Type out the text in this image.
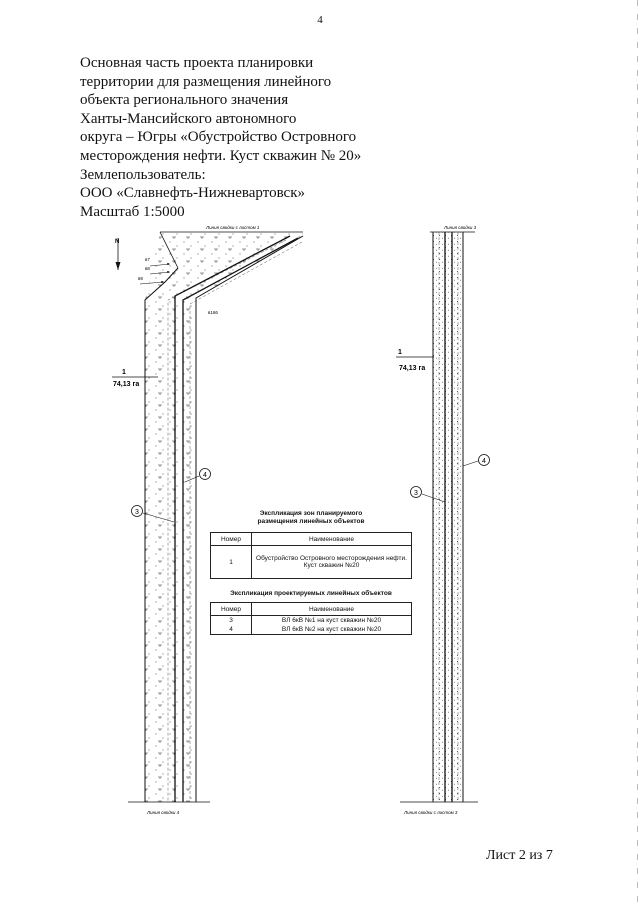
4
Основная часть проекта планировки
территории для размещения линейного
объекта регионального значения
Ханты-Мансийского автономного
округа – Югры «Обустройство Островного
месторождения нефти. Куст скважин № 20»
Землепользователь:
ООО «Славнефть-Нижневартовск»
Масштаб 1:5000
в7
в8
в9
в166
Линия сводки с листом 1
Линия сводки 4
N
1
74,13 га
4
3
Линия сводки 3
Линия сводки с листом 3
1
74,13 га
4
3
Экспликация зон планируемого
размещения линейных объектов
Номер	Наименование
1	Обустройство Островного месторождения нефти. Куст скважин №20
Экспликация проектируемых линейных объектов
Номер	Наименование
3	ВЛ 6кВ №1 на куст скважин №20
4	ВЛ 6кВ №2 на куст скважин №20
Лист 2 из 7
